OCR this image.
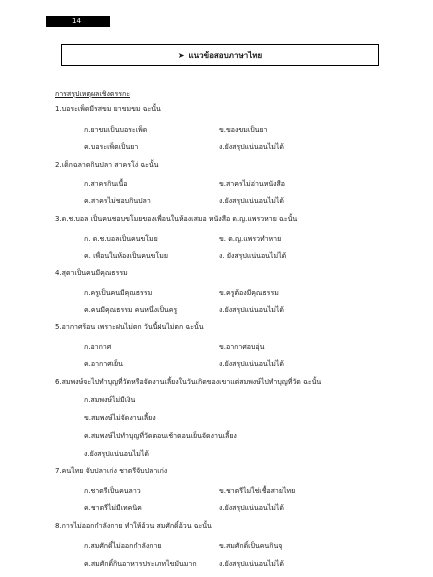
14
➤ แนวข้อสอบภาษาไทย
การสรุปเหตุผลเชิงตรรกะ
1.บอระเพ็ดมีรสขม ยาขมขม ฉะนั้น
ก.ยาขมเป็นบอระเพ็ด	ข.ของขมเป็นยา
ค.บอระเพ็ดเป็นยา	ง.ยังสรุปแน่นอนไม่ได้
2.เด็กฉลาดกินปลา สาครโง่ ฉะนั้น
ก.สาครกินเนื้อ	ข.สาครไม่อ่านหนังสือ
ค.สาครไม่ชอบกินปลา	ง.ยังสรุปแน่นอนไม่ได้
3.ด.ช.บอล เป็นคนชอบขโมยของเพื่อนในห้องเสมอ หนังสือ ด.ญ.แพรวหาย ฉะนั้น
ก. ด.ช.บอลเป็นคนขโมย	ข. ด.ญ.แพรวทำหาย
ค. เพื่อนในห้องเป็นคนขโมย	ง. ยังสรุปแน่นอนไม่ได้
4.สุดาเป็นคนมีคุณธรรม
ก.ครูเป็นคนมีคุณธรรม	ข.ครูต้องมีคุณธรรม
ค.คนมีคุณธรรม คนหนึ่งเป็นครู	ง.ยังสรุปแน่นอนไม่ได้
5.อากาศร้อน เพราะฝนไม่ตก วันนี้ฝนไม่ตก ฉะนั้น
ก.อากาศ	ข.อากาศอบอุ่น
ค.อากาศเย็น	ง.ยังสรุปแน่นอนไม่ได้
6.สมพงษ์จะไปทำบุญที่วัดหรือจัดงานเลี้ยงในวันเกิดของเขาแต่สมพงษ์ไปทำบุญที่วัด ฉะนั้น
ก.สมพงษ์ไม่มีเงิน
ข.สมพงษ์ไม่จัดงานเลี้ยง
ค.สมพงษ์ไปทำบุญที่วัดตอนเช้าตอนเย็นจัดงานเลี้ยง
ง.ยังสรุปแน่นอนไม่ได้
7.คนไทย จับปลาเก่ง ชาตรีจับปลาเก่ง
ก.ชาตรีเป็นคนลาว	ข.ชาตรีไม่ใช่เชื้อสายไทย
ค.ชาตรีไม่มีเทคนิค	ง.ยังสรุปแน่นอนไม่ได้
8.การไม่ออกกำลังกาย ทำให้อ้วน สมศักดิ์อ้วน ฉะนั้น
ก.สมศักดิ์ไม่ออกกำลังกาย	ข.สมศักดิ์เป็นคนกินจุ
ค.สมศักดิ์กินอาหารประเภทไขมันมาก	ง.ยังสรุปแน่นอนไม่ได้
